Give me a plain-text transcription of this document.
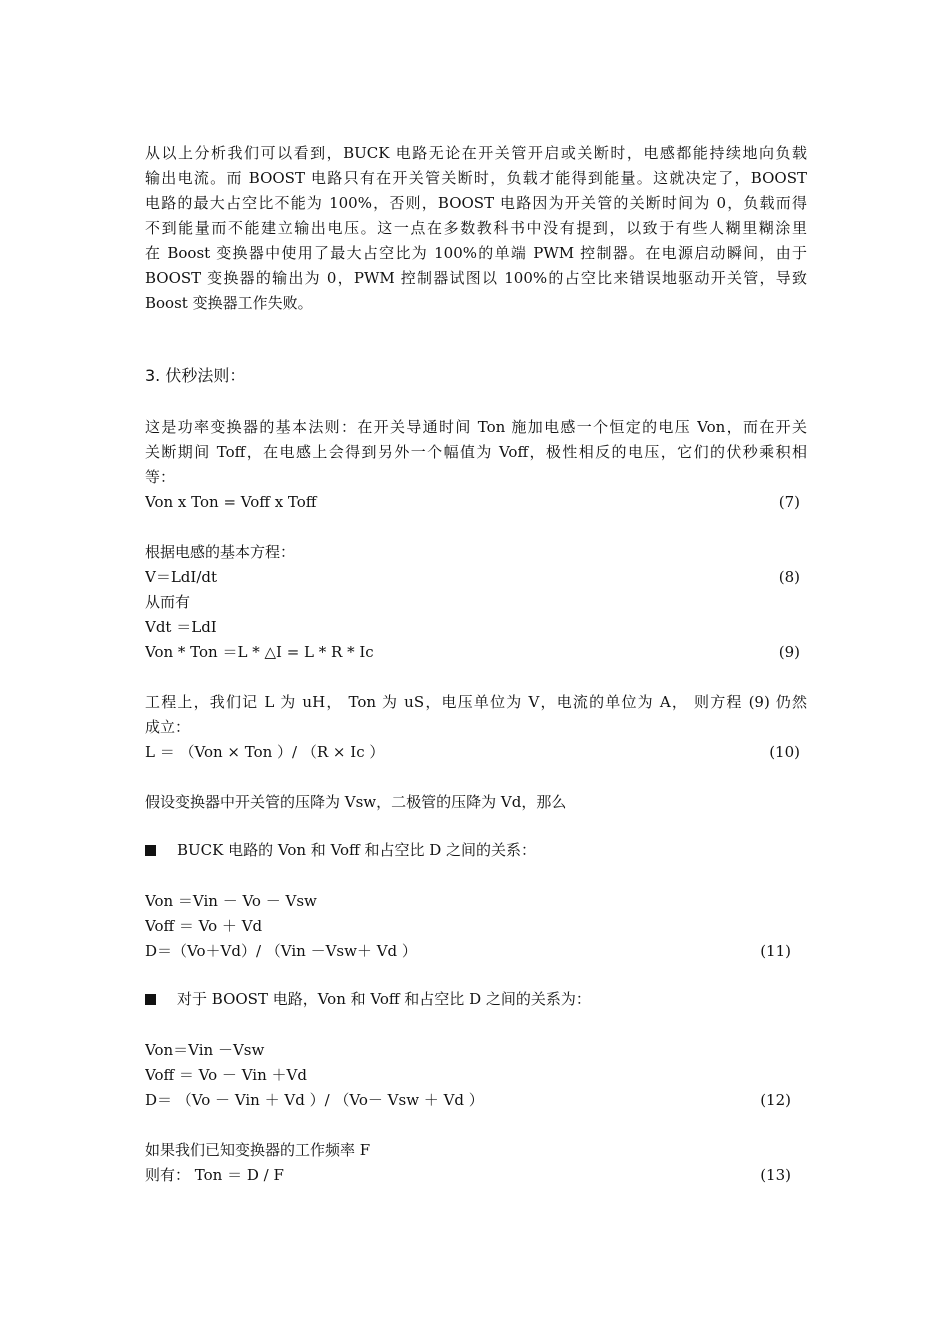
从以上分析我们可以看到，BUCK 电路无论在开关管开启或关断时，电感都能持续地向负载
输出电流。而 BOOST 电路只有在开关管关断时，负载才能得到能量。这就决定了，BOOST
电路的最大占空比不能为 100%，否则，BOOST 电路因为开关管的关断时间为 0，负载而得
不到能量而不能建立输出电压。这一点在多数教科书中没有提到，以致于有些人糊里糊涂里
在 Boost 变换器中使用了最大占空比为 100%的单端 PWM 控制器。在电源启动瞬间，由于
BOOST 变换器的输出为 0，PWM 控制器试图以 100%的占空比来错误地驱动开关管，导致
Boost 变换器工作失败。
3. 伏秒法则：
这是功率变换器的基本法则：在开关导通时间 Ton 施加电感一个恒定的电压 Von，而在开关
关断期间 Toff，在电感上会得到另外一个幅值为 Voff，极性相反的电压，它们的伏秒乘积相
等：
Von x Ton = Voff x Toff	(7)
根据电感的基本方程：
V＝LdI/dt	(8)
从而有
Vdt ＝LdI
Von * Ton ＝L * △I = L * R * Ic	(9)
工程上，我们记 L 为 uH， Ton 为 uS，电压单位为 V，电流的单位为 A， 则方程 (9) 仍然
成立：
L ＝ （Von × Ton ）/ （R × Ic ）	(10)
假设变换器中开关管的压降为 Vsw，二极管的压降为 Vd，那么
BUCK 电路的 Von 和 Voff 和占空比 D 之间的关系：
Von ＝Vin － Vo － Vsw
Voff ＝ Vo ＋ Vd
D＝（Vo＋Vd）/ （Vin －Vsw＋ Vd ）	(11)
对于 BOOST 电路，Von 和 Voff 和占空比 D 之间的关系为：
Von＝Vin －Vsw
Voff ＝ Vo － Vin ＋Vd
D＝ （Vo － Vin ＋ Vd ）/ （Vo－ Vsw ＋ Vd ）	(12)
如果我们已知变换器的工作频率 F
则有： Ton ＝ D / F	(13)
